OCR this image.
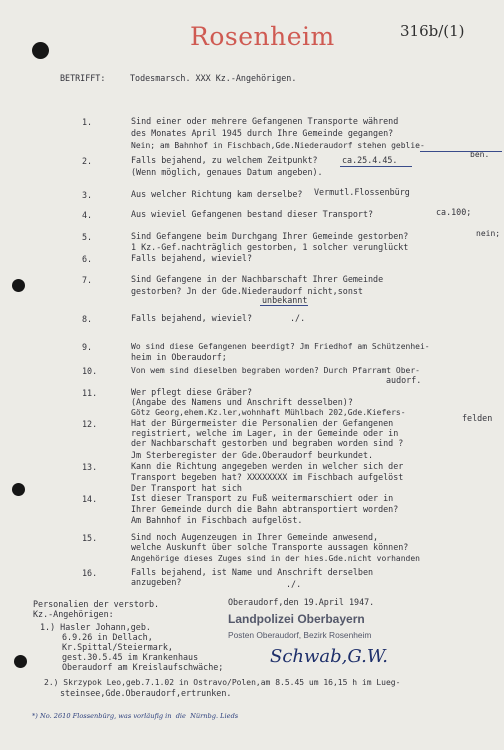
Rosenheim	316b/(1)
BETRIFFT:	Todesmarsch. XXX Kz.-Angehörigen.
1.	Sind einer oder mehrere Gefangenen Transporte während
des Monates April 1945 durch Ihre Gemeinde gegangen?
Nein; am Bahnhof in Fischbach,Gde.Niederaudorf stehen geblie-
ben.
2.	Falls bejahend, zu welchem Zeitpunkt?	ca.25.4.45.
(Wenn möglich, genaues Datum angeben).
3.	Aus welcher Richtung kam derselbe? Vermutl.Flossenbürg
4.	Aus wieviel Gefangenen bestand dieser Transport?	ca.100;
5.	Sind Gefangene beim Durchgang Ihrer Gemeinde gestorben?	nein;
1 Kz.-Gef.nachträglich gestorben, 1 solcher verunglückt
6.	Falls bejahend, wieviel?
7.	Sind Gefangene in der Nachbarschaft Ihrer Gemeinde
gestorben? Jn der Gde.Niederaudorf nicht,sonst
unbekannt
8.	Falls bejahend, wieviel?	./.
9.	Wo sind diese Gefangenen beerdigt? Jm Friedhof am Schützenhei-
heim in Oberaudorf;
10.	Von wem sind dieselben begraben worden? Durch Pfarramt Ober-
audorf.
11.	Wer pflegt diese Gräber?
(Angabe des Namens und Anschrift desselben)?
Götz Georg,ehem.Kz.ler,wohnhaft Mühlbach 202,Gde.Kiefers-
felden
12.	Hat der Bürgermeister die Personalien der Gefangenen
registriert, welche im Lager, in der Gemeinde oder in
der Nachbarschaft gestorben und begraben worden sind ?
Jm Sterberegister der Gde.Oberaudorf beurkundet.
13.	Kann die Richtung angegeben werden in welcher sich der
Transport begeben hat? XXXXXXXX im Fischbach aufgelöst
Der Transport hat sich
14.	Ist dieser Transport zu Fuß weitermarschiert oder in
Ihrer Gemeinde durch die Bahn abtransportiert worden?
Am Bahnhof in Fischbach aufgelöst.
15.	Sind noch Augenzeugen in Ihrer Gemeinde anwesend,
welche Auskunft über solche Transporte aussagen können?
Angehörige dieses Zuges sind in der hies.Gde.nicht vorhanden
16.	Falls bejahend, ist Name und Anschrift derselben
anzugeben?	./.
Personalien der verstorb.
Kz.-Angehörigen:
1.) Hasler Johann,geb.
6.9.26 in Dellach,
Kr.Spittal/Steiermark,
gest.30.5.45 im Krankenhaus
Oberaudorf am Kreislaufschwäche;
2.) Skrzypok Leo,geb.7.1.02 in Ostravo/Polen,am 8.5.45 um 16,15 h im Lueg-
steinsee,Gde.Oberaudorf,ertrunken.
Oberaudorf,den 19.April 1947.
Landpolizei Oberbayern
Posten Oberaudorf, Bezirk Rosenheim
Schwab,G.W.
*) No. 2610 Flossenbürg, was vorläufig in  die  Nürnbg. Lieds
